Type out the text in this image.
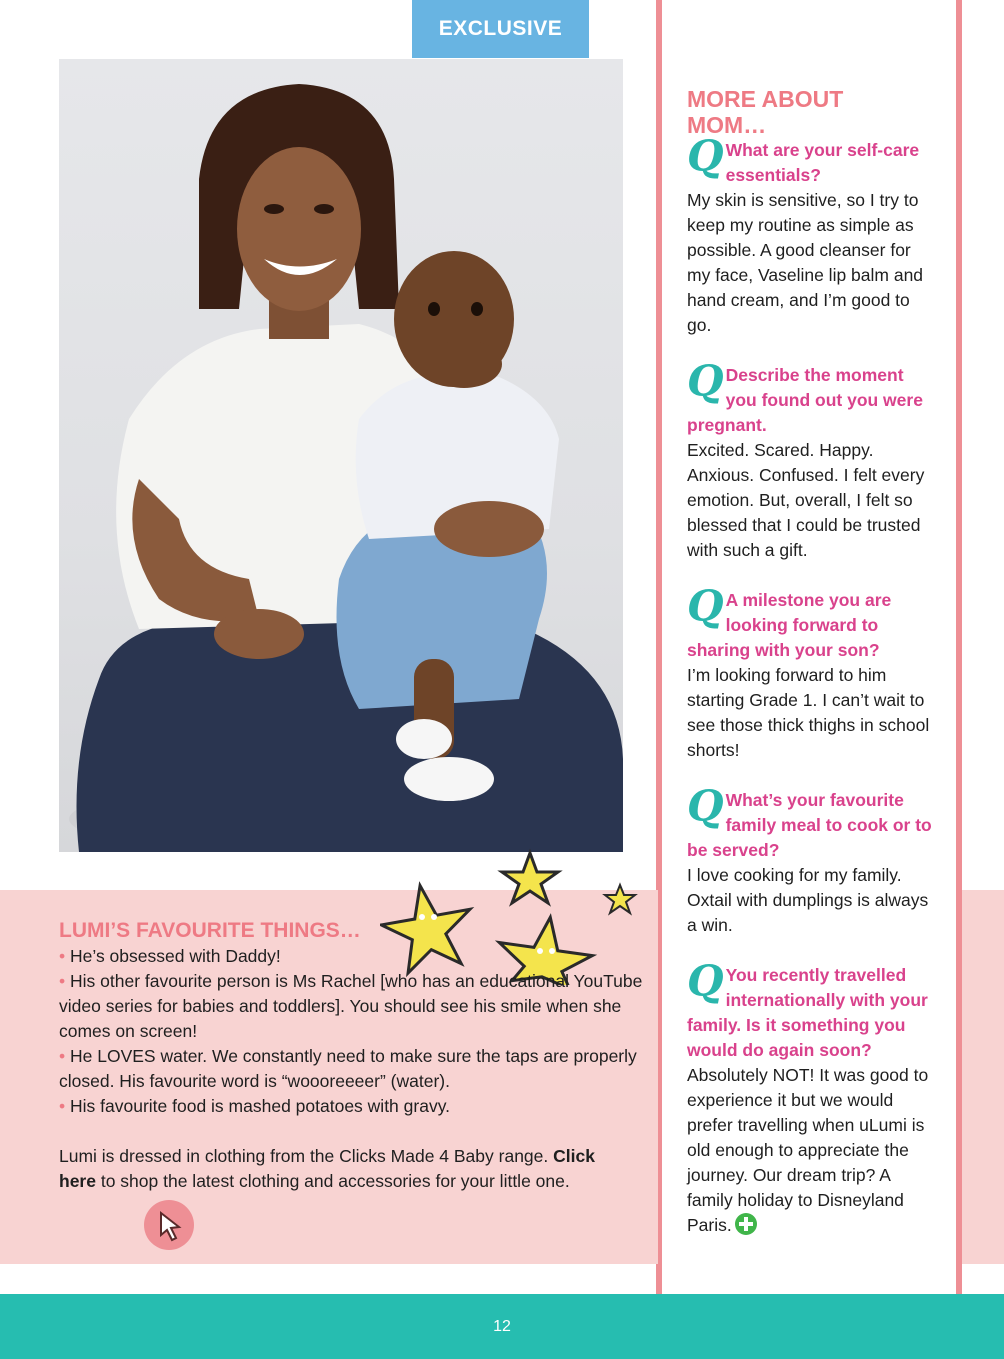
EXCLUSIVE
MORE ABOUT
MOM…
Q What are your self-care essentials?
My skin is sensitive, so I try to keep my routine as simple as possible. A good cleanser for my face, Vaseline lip balm and hand cream, and I’m good to go.
Q Describe the moment you found out you were pregnant.
Excited. Scared. Happy. Anxious. Confused. I felt every emotion. But, overall, I felt so blessed that I could be trusted with such a gift.
Q A milestone you are looking forward to sharing with your son?
I’m looking forward to him starting Grade 1. I can’t wait to see those thick thighs in school shorts!
Q What’s your favourite family meal to cook or to be served?
I love cooking for my family. Oxtail with dumplings is always a win.
Q You recently travelled internationally with your family. Is it something you would do again soon?
Absolutely NOT! It was good to experience it but we would prefer travelling when uLumi is old enough to appreciate the journey. Our dream trip? A family holiday to Disneyland Paris.
LUMI’S FAVOURITE THINGS…

• He’s obsessed with Daddy!

• His other favourite person is Ms Rachel [who has an educational YouTube video series for babies and toddlers]. You should see his smile when she comes on screen!

• He LOVES water. We constantly need to make sure the taps are properly closed. His favourite word is “woooreeeer” (water).

• His favourite food is mashed potatoes with gravy.

Lumi is dressed in clothing from the Clicks Made 4 Baby range. Click here to shop the latest clothing and accessories for your little one.

12
